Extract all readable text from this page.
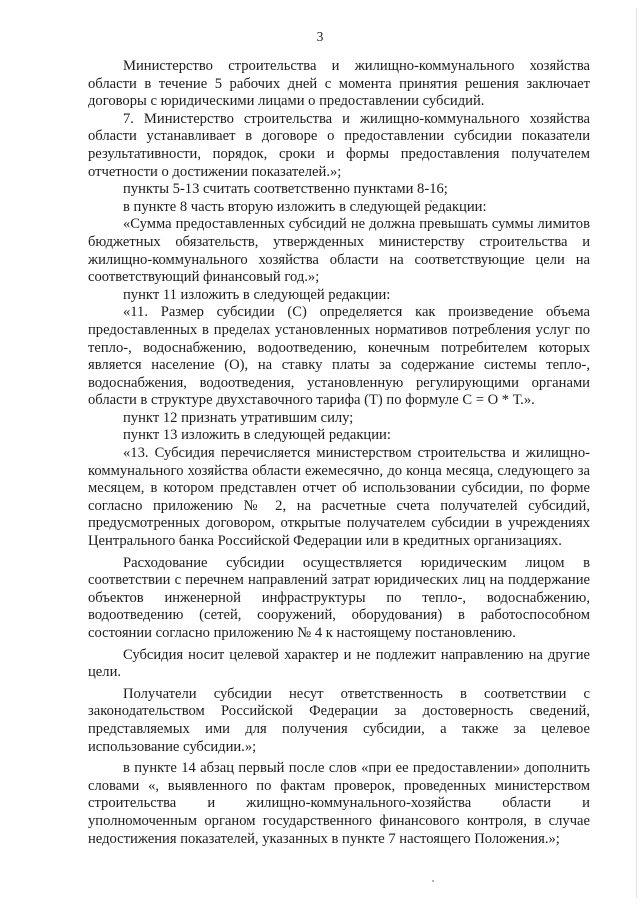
3

Министерство строительства и жилищно-коммунального хозяйства области в течение 5 рабочих дней с момента принятия решения заключает договоры с юридическими лицами о предоставлении субсидий.

7. Министерство строительства и жилищно-коммунального хозяйства области устанавливает в договоре о предоставлении субсидии показатели результативности, порядок, сроки и формы предоставления получателем отчетности о достижении показателей.»;

пункты 5-13 считать соответственно пунктами 8-16;

в пункте 8 часть вторую изложить в следующей редакции:

«Сумма предоставленных субсидий не должна превышать суммы лимитов бюджетных обязательств, утвержденных министерству строительства и жилищно-коммунального хозяйства области на соответствующие цели на соответствующий финансовый год.»;

пункт 11 изложить в следующей редакции:

«11. Размер субсидии (С) определяется как произведение объема предоставленных в пределах установленных нормативов потребления услуг по тепло-, водоснабжению, водоотведению, конечным потребителем которых является население (О), на ставку платы за содержание системы тепло-, водоснабжения, водоотведения, установленную регулирующими органами области в структуре двухставочного тарифа (Т) по формуле С = О * Т.».

пункт 12 признать утратившим силу;

пункт 13 изложить в следующей редакции:

«13. Субсидия перечисляется министерством строительства и жилищно-коммунального хозяйства области ежемесячно, до конца месяца, следующего за месяцем, в котором представлен отчет об использовании субсидии, по форме согласно приложению № 2, на расчетные счета получателей субсидий, предусмотренных договором, открытые получателем субсидии в учреждениях Центрального банка Российской Федерации или в кредитных организациях.

Расходование субсидии осуществляется юридическим лицом в соответствии с перечнем направлений затрат юридических лиц на поддержание объектов инженерной инфраструктуры по тепло-, водоснабжению, водоотведению (сетей, сооружений, оборудования) в работоспособном состоянии согласно приложению № 4 к настоящему постановлению.

Субсидия носит целевой характер и не подлежит направлению на другие цели.

Получатели субсидии несут ответственность в соответствии с законодательством Российской Федерации за достоверность сведений, представляемых ими для получения субсидии, а также за целевое использование субсидии.»;

в пункте 14 абзац первый после слов «при ее предоставлении» дополнить словами «, выявленного по фактам проверок, проведенных министерством строительства и жилищно-коммунального-хозяйства области и уполномоченным органом государственного финансового контроля, в случае недостижения показателей, указанных в пункте 7 настоящего Положения.»;
